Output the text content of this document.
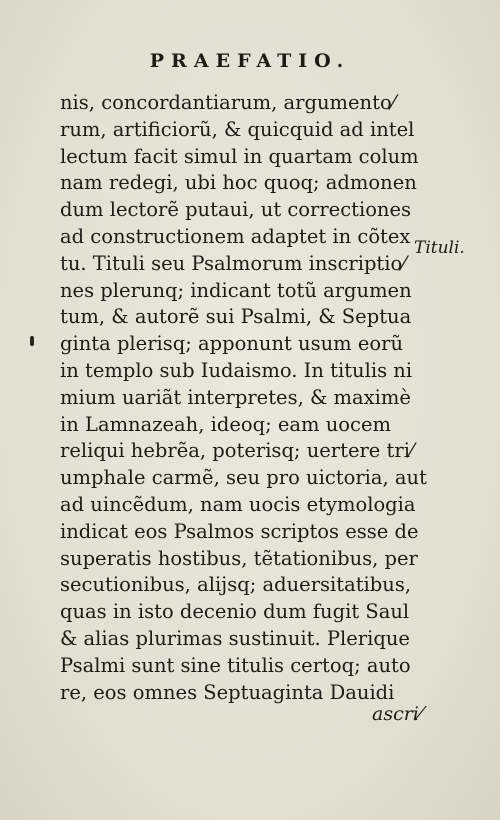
PRAEFATIO.
nis, concordantiarum, argumento⁄
rum, artificiorũ, & quicquid ad intel
lectum facit simul in quartam colum
nam redegi, ubi hoc quoq; admonen
dum lectorẽ putaui, ut correctiones
ad constructionem adaptet in cõtex
tu. Tituli seu Psalmorum inscriptio⁄
nes plerunq; indicant totũ argumen
tum, & autorẽ sui Psalmi, & Septua
ginta plerisq; apponunt usum eorũ
in templo sub Iudaismo. In titulis ni
mium uariãt interpretes, & maximè
in Lamnazeah, ideoq; eam uocem
reliqui hebrẽa, poterisq; uertere tri⁄
umphale carmẽ, seu pro uictoria, aut
ad uincẽdum, nam uocis etymologia
indicat eos Psalmos scriptos esse de
superatis hostibus, tẽtationibus, per
secutionibus, alijsq; aduersitatibus,
quas in isto decenio dum fugit Saul
& alias plurimas sustinuit. Plerique
Psalmi sunt sine titulis certoq; auto
re, eos omnes Septuaginta Dauidi
Tituli.
ascri⁄
